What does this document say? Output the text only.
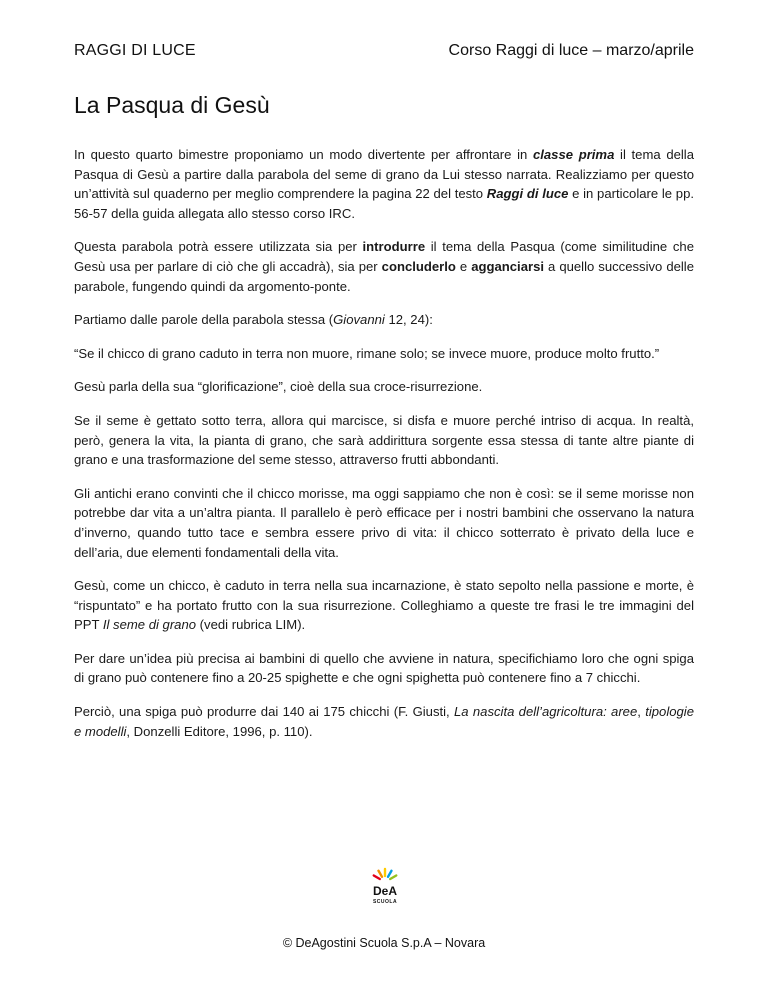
RAGGI DI LUCE	Corso Raggi di luce – marzo/aprile
La Pasqua di Gesù

In questo quarto bimestre proponiamo un modo divertente per affrontare in classe prima il tema della Pasqua di Gesù a partire dalla parabola del seme di grano da Lui stesso narrata. Realizziamo per questo un’attività sul quaderno per meglio comprendere la pagina 22 del testo Raggi di luce e in particolare le pp. 56-57 della guida allegata allo stesso corso IRC.

Questa parabola potrà essere utilizzata sia per introdurre il tema della Pasqua (come similitudine che Gesù usa per parlare di ciò che gli accadrà), sia per concluderlo e agganciarsi a quello successivo delle parabole, fungendo quindi da argomento-ponte.

Partiamo dalle parole della parabola stessa (Giovanni 12, 24):

“Se il chicco di grano caduto in terra non muore, rimane solo; se invece muore, produce molto frutto.”

Gesù parla della sua “glorificazione”, cioè della sua croce-risurrezione.

Se il seme è gettato sotto terra, allora qui marcisce, si disfa e muore perché intriso di acqua. In realtà, però, genera la vita, la pianta di grano, che sarà addirittura sorgente essa stessa di tante altre piante di grano e una trasformazione del seme stesso, attraverso frutti abbondanti.

Gli antichi erano convinti che il chicco morisse, ma oggi sappiamo che non è così: se il seme morisse non potrebbe dar vita a un’altra pianta. Il parallelo è però efficace per i nostri bambini che osservano la natura d’inverno, quando tutto tace e sembra essere privo di vita: il chicco sotterrato è privato della luce e dell’aria, due elementi fondamentali della vita.

Gesù, come un chicco, è caduto in terra nella sua incarnazione, è stato sepolto nella passione e morte, è “rispuntato” e ha portato frutto con la sua risurrezione. Colleghiamo a queste tre frasi le tre immagini del PPT Il seme di grano (vedi rubrica LIM).

Per dare un’idea più precisa ai bambini di quello che avviene in natura, specifichiamo loro che ogni spiga di grano può contenere fino a 20-25 spighette e che ogni spighetta può contenere fino a 7 chicchi.

Perciò, una spiga può produrre dai 140 ai 175 chicchi (F. Giusti, La nascita dell’agricoltura: aree, tipologie e modelli, Donzelli Editore, 1996, p. 110).

DeA
SCUOLA
© DeAgostini Scuola S.p.A – Novara
